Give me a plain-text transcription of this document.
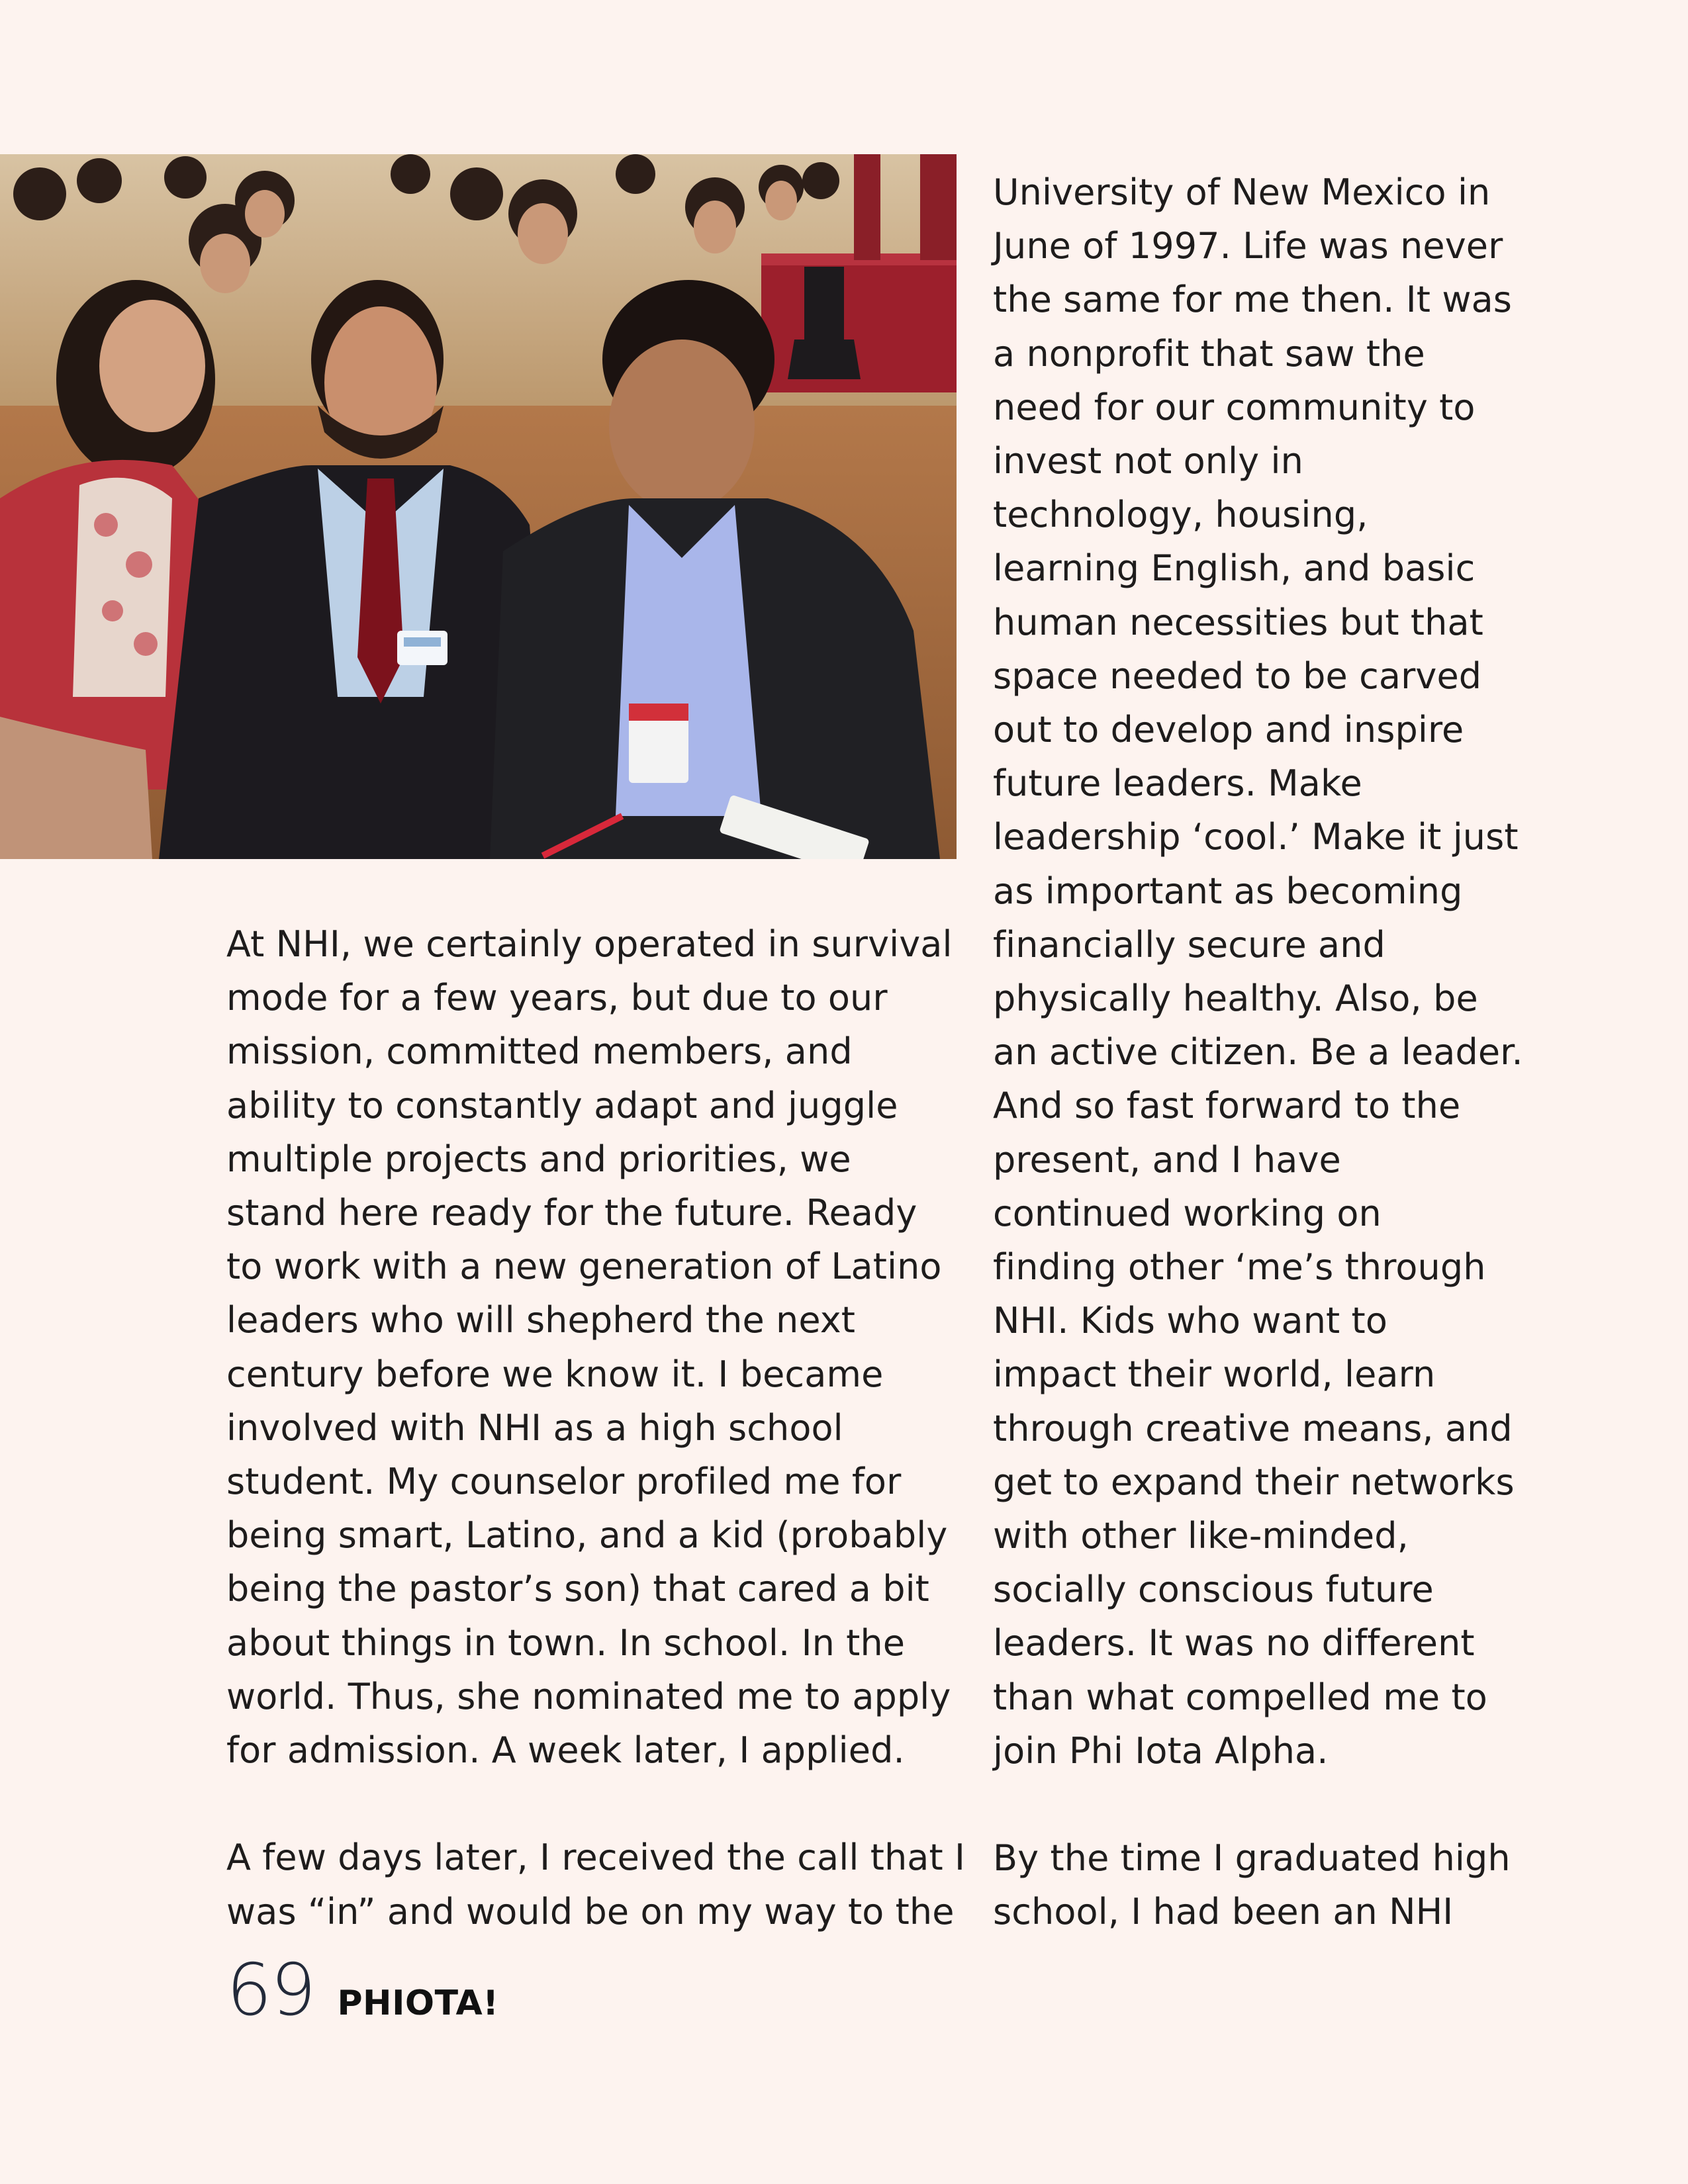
University of New Mexico in
June of 1997. Life was never
the same for me then. It was
a nonprofit that saw the
need for our community to
invest not only in
technology, housing,
learning English, and basic
human necessities but that
space needed to be carved
out to develop and inspire
future leaders. Make
leadership ‘cool.’ Make it just
as important as becoming
financially secure and
physically healthy. Also, be
an active citizen. Be a leader.
And so fast forward to the
present, and I have
continued working on
finding other ‘me’s through
NHI. Kids who want to
impact their world, learn
through creative means, and
get to expand their networks
with other like-minded,
socially conscious future
leaders. It was no different
than what compelled me to
join Phi Iota Alpha.

By the time I graduated high
school, I had been an NHI

At NHI, we certainly operated in survival
mode for a few years, but due to our
mission, committed members, and
ability to constantly adapt and juggle
multiple projects and priorities, we
stand here ready for the future. Ready
to work with a new generation of Latino
leaders who will shepherd the next
century before we know it. I became
involved with NHI as a high school
student. My counselor profiled me for
being smart, Latino, and a kid (probably
being the pastor’s son) that cared a bit
about things in town. In school. In the
world. Thus, she nominated me to apply
for admission. A week later, I applied.

A few days later, I received the call that I
was “in” and would be on my way to the

69 PHIOTA!
